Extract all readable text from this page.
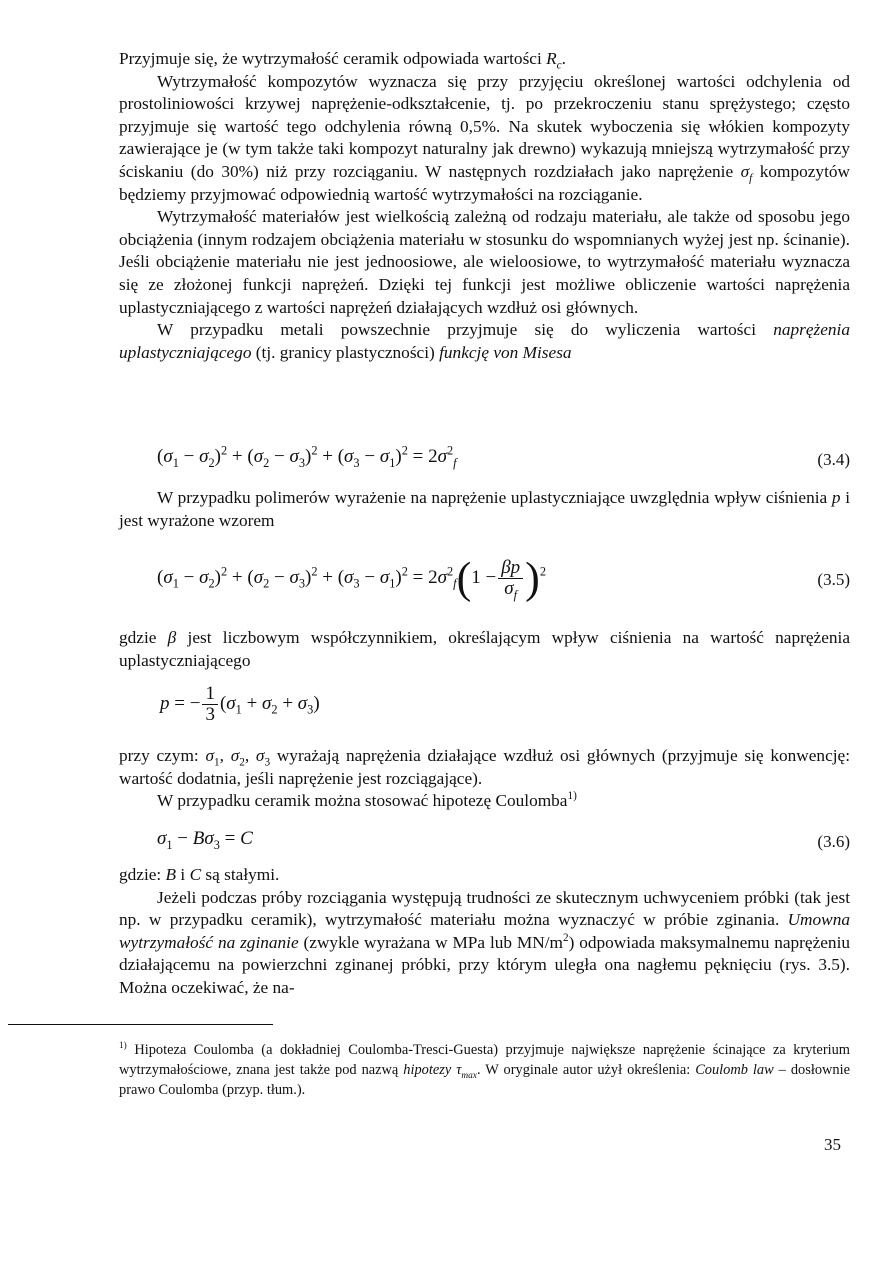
Przyjmuje się, że wytrzymałość ceramik odpowiada wartości $R_c$.

Wytrzymałość kompozytów wyznacza się przy przyjęciu określonej wartości odchylenia od prostoliniowości krzywej naprężenie-odkształcenie, tj. po przekroczeniu stanu sprężystego; często przyjmuje się wartość tego odchylenia równą 0,5%. Na skutek wyboczenia się włókien kompozyty zawierające je (w tym także taki kompozyt naturalny jak drewno) wykazują mniejszą wytrzymałość przy ściskaniu (do 30%) niż przy rozciąganiu. W następnych rozdziałach jako naprężenie $\sigma_f$ kompozytów będziemy przyjmować odpowiednią wartość wytrzymałości na rozciąganie.

Wytrzymałość materiałów jest wielkością zależną od rodzaju materiału, ale także od sposobu jego obciążenia (innym rodzajem obciążenia materiału w stosunku do wspomnianych wyżej jest np. ścinanie). Jeśli obciążenie materiału nie jest jednoosiowe, ale wieloosiowe, to wytrzymałość materiału wyznacza się ze złożonej funkcji naprężeń. Dzięki tej funkcji jest możliwe obliczenie wartości naprężenia uplastyczniającego z wartości naprężeń działających wzdłuż osi głównych.

W przypadku metali powszechnie przyjmuje się do wyliczenia wartości naprężenia uplastyczniającego (tj. granicy plastyczności) funkcję von Misesa

$(\sigma_1 - \sigma_2)^2 + (\sigma_2 - \sigma_3)^2 + (\sigma_3 - \sigma_1)^2 = 2\sigma^2_f$	(3.4)

W przypadku polimerów wyrażenie na naprężenie uplastyczniające uwzględnia wpływ ciśnienia p i jest wyrażone wzorem

$(\sigma_1 - \sigma_2)^2 + (\sigma_2 - \sigma_3)^2 + (\sigma_3 - \sigma_1)^2 = 2\sigma^2_f(1 - \frac{\beta p}{\sigma_f} )^2$	(3.5)

gdzie β jest liczbowym współczynnikiem, określającym wpływ ciśnienia na wartość naprężenia uplastyczniającego

p = − $\frac{1}{3} (\sigma_1 + \sigma_2 + \sigma_3)$

przy czym: $\sigma_1$, $\sigma_2$, $\sigma_3$ wyrażają naprężenia działające wzdłuż osi głównych (przyjmuje się konwencję: wartość dodatnia, jeśli naprężenie jest rozciągające).

W przypadku ceramik można stosować hipotezę Coulomba$^{1)}$

$\sigma_1 - B\sigma_3 = C$	(3.6)

gdzie: B i C są stałymi.

Jeżeli podczas próby rozciągania występują trudności ze skutecznym uchwyceniem próbki (tak jest np. w przypadku ceramik), wytrzymałość materiału można wyznaczyć w próbie zginania. Umowna wytrzymałość na zginanie (zwykle wyrażana w MPa lub $MN/m^2$) odpowiada maksymalnemu naprężeniu działającemu na powierzchni zginanej próbki, przy którym uległa ona nagłemu pęknięciu (rys. 3.5). Można oczekiwać, że na-

$^{1)}$ Hipoteza Coulomba (a dokładniej Coulomba-Tresci-Guesta) przyjmuje największe naprężenie ścinające za kryterium wytrzymałościowe, znana jest także pod nazwą hipotezy $\tau_{max}$. W oryginale autor użył określenia: Coulomb law – dosłownie prawo Coulomba (przyp. tłum.).
35
